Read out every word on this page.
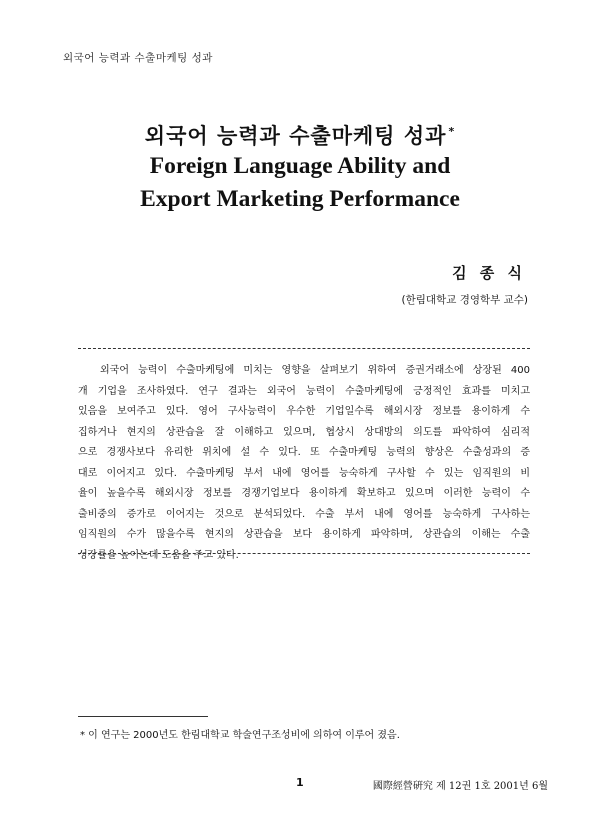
외국어 능력과 수출마케팅 성과
외국어 능력과 수출마케팅 성과 *
Foreign Language Ability and
Export Marketing Performance
김 종 식
(한림대학교 경영학부 교수)
외국어 능력이 수출마케팅에 미치는 영향을 살펴보기 위하여 증권거래소에 상장된 400
개 기업을 조사하였다. 연구 결과는 외국어 능력이 수출마케팅에 긍정적인 효과를 미치고
있음을 보여주고 있다. 영어 구사능력이 우수한 기업일수록 해외시장 정보를 용이하게 수
집하거나 현지의 상관습을 잘 이해하고 있으며, 협상시 상대방의 의도를 파악하여 심리적
으로 경쟁사보다 유리한 위치에 설 수 있다. 또 수출마케팅 능력의 향상은 수출성과의 증
대로 이어지고 있다. 수출마케팅 부서 내에 영어를 능숙하게 구사할 수 있는 임직원의 비
율이 높을수록 해외시장 정보를 경쟁기업보다 용이하게 확보하고 있으며 이러한 능력이 수
출비중의 증가로 이어지는 것으로 분석되었다. 수출 부서 내에 영어를 능숙하게 구사하는
임직원의 수가 많을수록 현지의 상관습을 보다 용이하게 파악하며, 상관습의 이해는 수출
성장률을 높이는데 도움을 주고 있다.
* 이 연구는 2000년도 한림대학교 학술연구조성비에 의하여 이루어 졌음.
1	國際經營硏究 제 12권 1호 2001년 6월
